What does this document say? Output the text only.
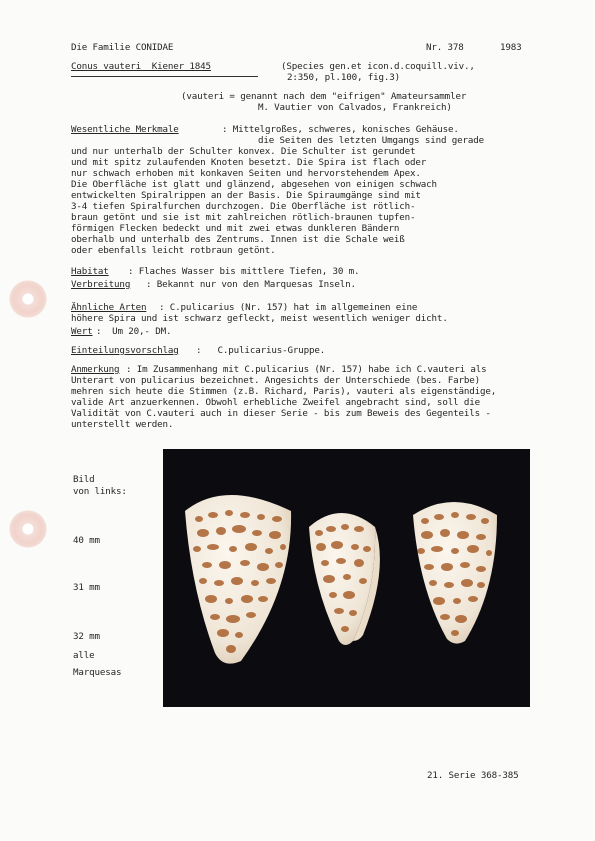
Die Familie CONIDAE	Nr. 378	1983
Conus vauteri  Kiener 1845	(Species gen.et icon.d.coquill.viv.,
2:350, pl.100, fig.3)
(vauteri = genannt nach dem "eifrigen" Amateursammler
M. Vautier von Calvados, Frankreich)
Wesentliche Merkmale	: Mittelgroßes, schweres, konisches Gehäuse.
die Seiten des letzten Umgangs sind gerade
und nur unterhalb der Schulter konvex. Die Schulter ist gerundet
und mit spitz zulaufenden Knoten besetzt. Die Spira ist flach oder
nur schwach erhoben mit konkaven Seiten und hervorstehendem Apex.
Die Oberfläche ist glatt und glänzend, abgesehen von einigen schwach
entwickelten Spiralrippen an der Basis. Die Spiraumgänge sind mit
3-4 tiefen Spiralfurchen durchzogen. Die Oberfläche ist rötlich-
braun getönt und sie ist mit zahlreichen rötlich-braunen tupfen-
förmigen Flecken bedeckt und mit zwei etwas dunkleren Bändern
oberhalb und unterhalb des Zentrums. Innen ist die Schale weiß
oder ebenfalls leicht rotbraun getönt.
Habitat : Flaches Wasser bis mittlere Tiefen, 30 m.
Verbreitung : Bekannt nur von den Marquesas Inseln.
Ähnliche Arten : C.pulicarius (Nr. 157) hat im allgemeinen eine
höhere Spira und ist schwarz gefleckt, meist wesentlich weniger dicht.
Wert :  Um 20,- DM.
Einteilungsvorschlag :   C.pulicarius-Gruppe.
Anmerkung : Im Zusammenhang mit C.pulicarius (Nr. 157) habe ich C.vauteri als
Unterart von pulicarius bezeichnet. Angesichts der Unterschiede (bes. Farbe)
mehren sich heute die Stimmen (z.B. Richard, Paris), vauteri als eigenständige,
valide Art anzuerkennen. Obwohl erhebliche Zweifel angebracht sind, soll die
Validität von C.vauteri auch in dieser Serie - bis zum Beweis des Gegenteils -
unterstellt werden.
Bild
von links:
40 mm
31 mm
32 mm
alle
Marquesas
21. Serie 368-385
